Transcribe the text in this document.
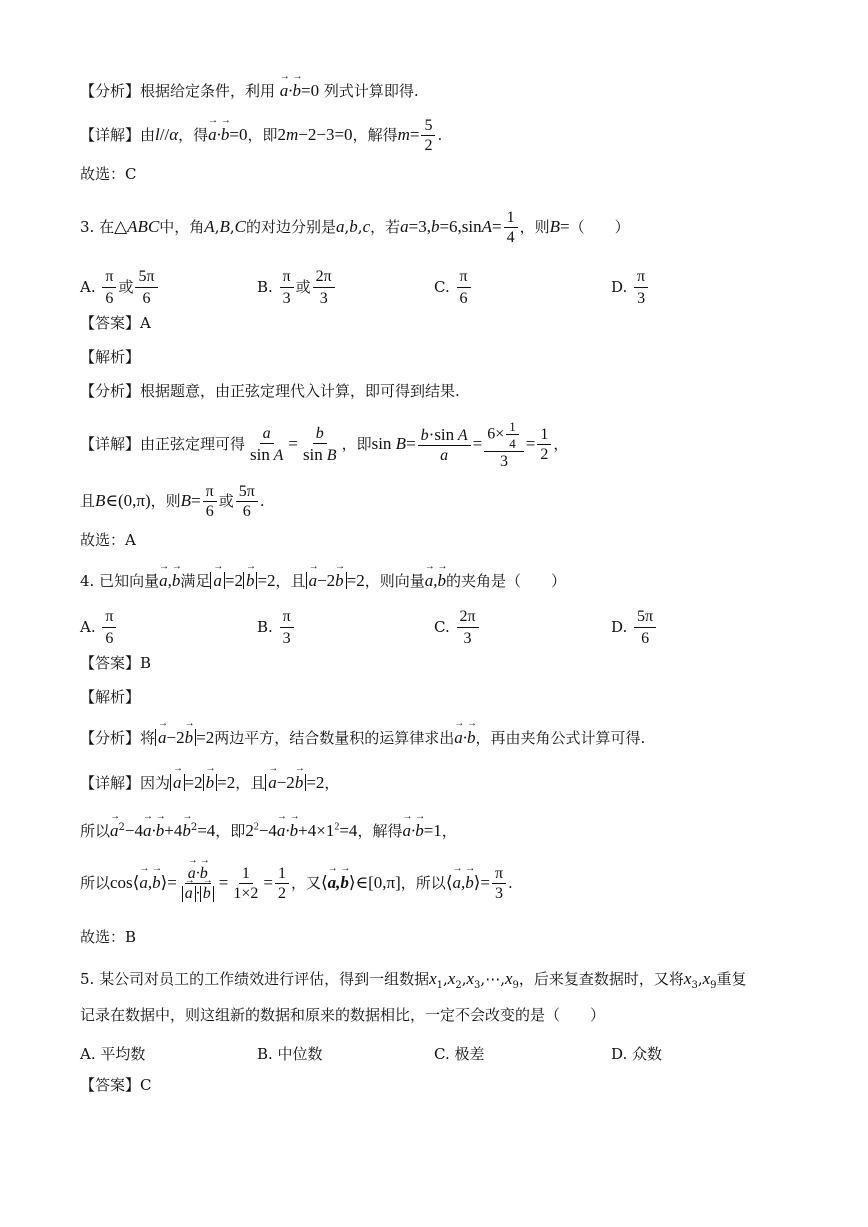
【分析】根据给定条件，利用 → a·→ b=0 列式计算即得.
【详解】由l//α，得→ a·→ b=0，即2m−2−3=0，解得$m= \frac{5}{2}$ .
故选：C
3. 在△ABC中，角A,B,C的对边分别是a,b,c，若$a=3,b=6,\sin A= \frac{1}{4}$ ，则B=（　　）
A. $\frac{\pi}{6}$ 或 $\frac{5\pi}{6}$	B. $\frac{\pi}{3}$ 或 $\frac{2\pi}{3}$	C. $\frac{\pi}{6}$	D. $\frac{\pi}{3}$
【答案】A
【解析】
【分析】根据题意，由正弦定理代入计算，即可得到结果.
【详解】由正弦定理可得 $\frac{a}{\text{sin A}} = \frac{b}{\text{sin B}}$ ，即$\sin B= \frac{\text{b·sin A}}{a} = \frac{6\times \frac{1}{4}}{3} = \frac{1}{2}$ ，
且B∈(0,π)，则$B= \frac{\pi}{6}$ 或 $\frac{5\pi}{6}$ .
故选：A
4. 已知向量→ a,→ b满足→ a =2→ b =2，且→ a−2→ b =2，则向量→ a,→ b的夹角是（　　）
A. $\frac{\pi}{6}$	B. $\frac{\pi}{3}$	C. $\frac{2\pi}{3}$	D. $\frac{5\pi}{6}$
【答案】B
【解析】
【分析】将→ a−2→ b =2两边平方，结合数量积的运算律求出→ a·→ b，再由夹角公式计算可得.
【详解】因为→ a =2→ b =2，且→ a−2→ b =2，
所以→ $a^2-4\to a\cdot\to b+4\to b^2=4$，即$2^2-4\to a\cdot\to b+4\times 1^2=4$，解得→ a·→ b=1，
所以cos⟨→ a,→ b⟩=
→ a·→ b
→ $a \cdot\to b = \frac{1}{1\times 2} = \frac{1}{2}$ ，又⟨→ a,→ b⟩∈[0,π]，所以⟨→ a,→ b⟩= $\frac{\pi}{3}$ .
故选：B
5. 某公司对员工的工作绩效进行评估，得到一组数据$x_1,x_2,x_3,\cdots,x_9$，后来复查数据时，又将$x_3,x_9$重复
记录在数据中，则这组新的数据和原来的数据相比，一定不会改变的是（　　）
A. 平均数	B. 中位数	C. 极差	D. 众数
【答案】C
